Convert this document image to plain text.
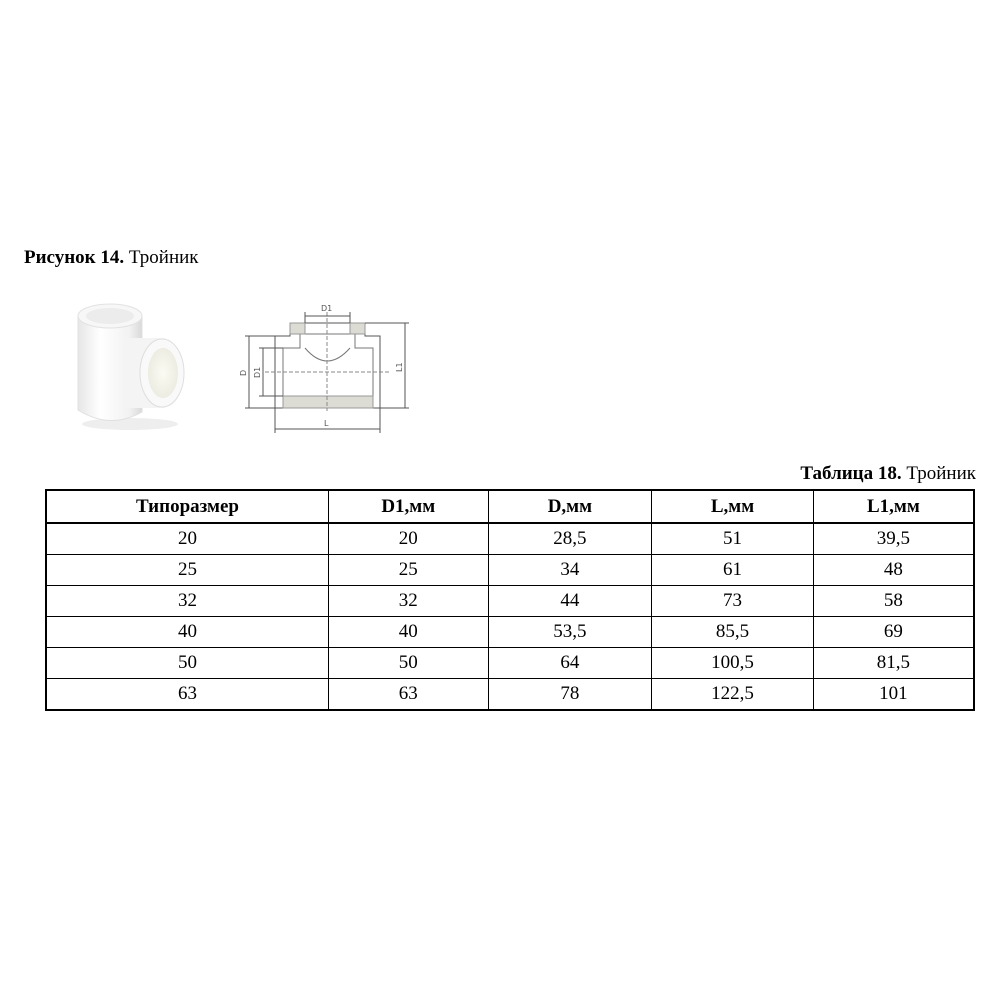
Рисунок 14. Тройник
D1
L
D D1	L1
Таблица 18. Тройник
Типоразмер	D1,мм	D,мм	L,мм	L1,мм
20	20	28,5	51	39,5
25	25	34	61	48
32	32	44	73	58
40	40	53,5	85,5	69
50	50	64	100,5	81,5
63	63	78	122,5	101
